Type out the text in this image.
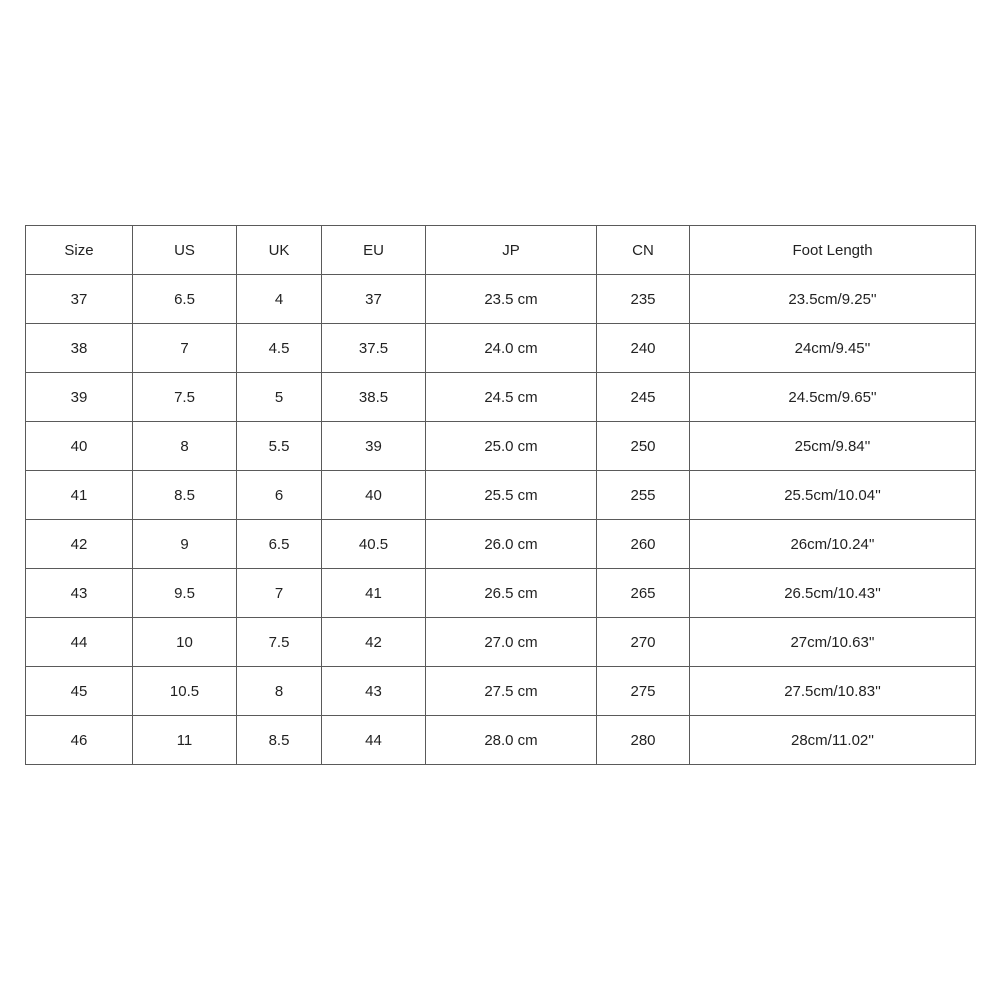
Size	US	UK	EU	JP	CN	Foot Length
37	6.5	4	37	23.5 cm	235	23.5cm/9.25''
38	7	4.5	37.5	24.0 cm	240	24cm/9.45''
39	7.5	5	38.5	24.5 cm	245	24.5cm/9.65''
40	8	5.5	39	25.0 cm	250	25cm/9.84''
41	8.5	6	40	25.5 cm	255	25.5cm/10.04''
42	9	6.5	40.5	26.0 cm	260	26cm/10.24''
43	9.5	7	41	26.5 cm	265	26.5cm/10.43''
44	10	7.5	42	27.0 cm	270	27cm/10.63''
45	10.5	8	43	27.5 cm	275	27.5cm/10.83''
46	11	8.5	44	28.0 cm	280	28cm/11.02''
